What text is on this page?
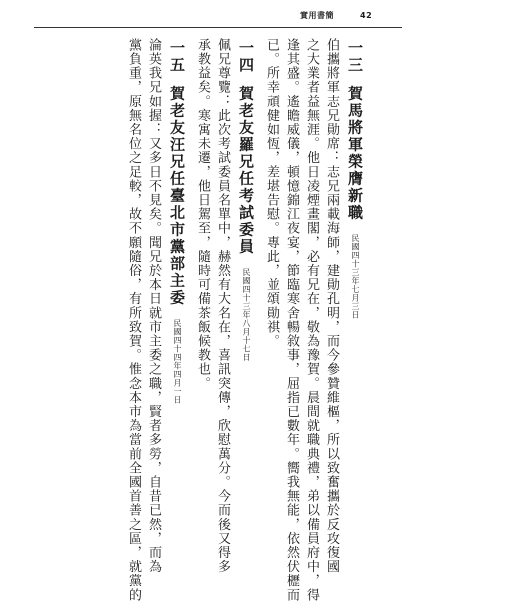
實用書簡	42
一三 賀馬將軍榮膺新職 民國四十三年七月三日
伯攜將軍志兄勛席：志兄兩載海師，建勛孔明，而今參贊維樞，所以致奮攜於反攻復國
之大業者益無涯。他日凌煙畫閣，必有兄在，敬為豫賀。晨間就職典禮，弟以備員府中，得
逢其盛。遙瞻威儀，頓憶錦江夜宴，節臨寒舍暢敘事，屈指已數年。嚮我無能，依然伏櫪而
已。所幸頑健如恆，差堪告慰。專此，並頌勛祺。
一四 賀老友羅兄任考試委員 民國四十三年八月十七日
佩兄尊覽：此次考試委員名單中，赫然有大名在，喜訊突傳，欣慰萬分。今而後又得多
承教益矣。寒寓未遷，他日駕至，隨時可備茶飯候教也。
一五 賀老友汪兄任臺北市黨部主委 民國四十四年四月一日
淪英我兄如握：又多日不見矣。聞兄於本日就市主委之職，賢者多勞，自昔已然，而為
黨負重，原無名位之足較，故不願隨俗，有所致賀。惟念本市為當前全國首善之區，就黨的
